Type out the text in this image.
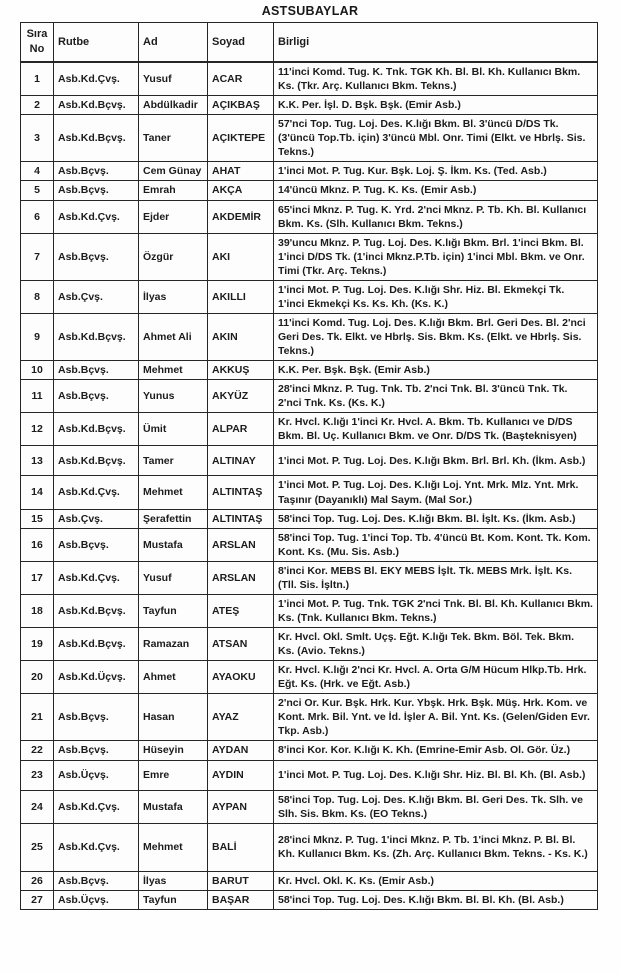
ASTSUBAYLAR
Sıra No	Rutbe	Ad	Soyad	Birligi
1	Asb.Kd.Çvş.	Yusuf	ACAR	11'inci Komd. Tug. K. Tnk. TGK Kh. Bl. Bl. Kh. Kullanıcı Bkm. Ks. (Tkr. Arç. Kullanıcı Bkm. Tekns.)
2	Asb.Kd.Bçvş.	Abdülkadir	AÇIKBAŞ	K.K. Per. İşl. D. Bşk. Bşk. (Emir Asb.)
3	Asb.Kd.Bçvş.	Taner	AÇIKTEPE	57'nci Top. Tug. Loj. Des. K.lığı Bkm. Bl. 3'üncü D/DS Tk. (3'üncü Top.Tb. için) 3'üncü Mbl. Onr. Timi (Elkt. ve Hbrlş. Sis. Tekns.)
4	Asb.Bçvş.	Cem Günay	AHAT	1'inci Mot. P. Tug. Kur. Bşk. Loj. Ş. İkm. Ks. (Ted. Asb.)
5	Asb.Bçvş.	Emrah	AKÇA	14'üncü Mknz. P. Tug. K. Ks. (Emir Asb.)
6	Asb.Kd.Çvş.	Ejder	AKDEMİR	65'inci Mknz. P. Tug. K. Yrd. 2'nci Mknz. P. Tb. Kh. Bl. Kullanıcı Bkm. Ks. (Slh. Kullanıcı Bkm. Tekns.)
7	Asb.Bçvş.	Özgür	AKI	39'uncu Mknz. P. Tug. Loj. Des. K.lığı Bkm. Brl. 1'inci Bkm. Bl. 1'inci D/DS Tk. (1'inci Mknz.P.Tb. için) 1'inci Mbl. Bkm. ve Onr. Timi (Tkr. Arç. Tekns.)
8	Asb.Çvş.	İlyas	AKILLI	1'inci Mot. P. Tug. Loj. Des. K.lığı Shr. Hiz. Bl. Ekmekçi Tk. 1'inci Ekmekçi Ks. Ks. Kh. (Ks. K.)
9	Asb.Kd.Bçvş.	Ahmet Ali	AKIN	11'inci Komd. Tug. Loj. Des. K.lığı Bkm. Brl. Geri Des. Bl. 2'nci Geri Des. Tk. Elkt. ve Hbrlş. Sis. Bkm. Ks. (Elkt. ve Hbrlş. Sis. Tekns.)
10	Asb.Bçvş.	Mehmet	AKKUŞ	K.K. Per. Bşk. Bşk. (Emir Asb.)
11	Asb.Bçvş.	Yunus	AKYÜZ	28'inci Mknz. P. Tug. Tnk. Tb. 2'nci Tnk. Bl. 3'üncü Tnk. Tk. 2'nci Tnk. Ks. (Ks. K.)
12	Asb.Kd.Bçvş.	Ümit	ALPAR	Kr. Hvcl. K.lığı 1'inci Kr. Hvcl. A. Bkm. Tb. Kullanıcı ve D/DS Bkm. Bl. Uç. Kullanıcı Bkm. ve Onr. D/DS Tk. (Başteknisyen)
13	Asb.Kd.Bçvş.	Tamer	ALTINAY	1'inci Mot. P. Tug. Loj. Des. K.lığı Bkm. Brl. Brl. Kh. (İkm. Asb.)
14	Asb.Kd.Çvş.	Mehmet	ALTINTAŞ	1'inci Mot. P. Tug. Loj. Des. K.lığı Loj. Ynt. Mrk. Mlz. Ynt. Mrk. Taşınır (Dayanıklı) Mal Saym. (Mal Sor.)
15	Asb.Çvş.	Şerafettin	ALTINTAŞ	58'inci Top. Tug. Loj. Des. K.lığı Bkm. Bl. İşlt. Ks. (İkm. Asb.)
16	Asb.Bçvş.	Mustafa	ARSLAN	58'inci Top. Tug. 1'inci Top. Tb. 4'üncü Bt. Kom. Kont. Tk. Kom. Kont. Ks. (Mu. Sis. Asb.)
17	Asb.Kd.Çvş.	Yusuf	ARSLAN	8'inci Kor. MEBS Bl. EKY MEBS İşlt. Tk. MEBS Mrk. İşlt. Ks. (Tll. Sis. İşltn.)
18	Asb.Kd.Bçvş.	Tayfun	ATEŞ	1'inci Mot. P. Tug. Tnk. TGK 2'nci Tnk. Bl. Bl. Kh. Kullanıcı Bkm. Ks. (Tnk. Kullanıcı Bkm. Tekns.)
19	Asb.Kd.Bçvş.	Ramazan	ATSAN	Kr. Hvcl. Okl. Smlt. Uçş. Eğt. K.lığı Tek. Bkm. Böl. Tek. Bkm. Ks. (Avio. Tekns.)
20	Asb.Kd.Üçvş.	Ahmet	AYAOKU	Kr. Hvcl. K.lığı 2'nci Kr. Hvcl. A. Orta G/M Hücum Hlkp.Tb. Hrk. Eğt. Ks. (Hrk. ve Eğt. Asb.)
21	Asb.Bçvş.	Hasan	AYAZ	2'nci Or. Kur. Bşk. Hrk. Kur. Ybşk. Hrk. Bşk. Müş. Hrk. Kom. ve Kont. Mrk. Bil. Ynt. ve İd. İşler A. Bil. Ynt. Ks. (Gelen/Giden Evr. Tkp. Asb.)
22	Asb.Bçvş.	Hüseyin	AYDAN	8'inci Kor. Kor. K.lığı K. Kh. (Emrine-Emir Asb. Ol. Gör. Üz.)
23	Asb.Üçvş.	Emre	AYDIN	1'inci Mot. P. Tug. Loj. Des. K.lığı Shr. Hiz. Bl. Bl. Kh. (Bl. Asb.)
24	Asb.Kd.Çvş.	Mustafa	AYPAN	58'inci Top. Tug. Loj. Des. K.lığı Bkm. Bl. Geri Des. Tk. Slh. ve Slh. Sis. Bkm. Ks. (EO Tekns.)
25	Asb.Kd.Çvş.	Mehmet	BALİ	28'inci Mknz. P. Tug. 1'inci Mknz. P. Tb. 1'inci Mknz. P. Bl. Bl. Kh. Kullanıcı Bkm. Ks. (Zh. Arç. Kullanıcı Bkm. Tekns. - Ks. K.)
26	Asb.Bçvş.	İlyas	BARUT	Kr. Hvcl. Okl. K. Ks. (Emir Asb.)
27	Asb.Üçvş.	Tayfun	BAŞAR	58'inci Top. Tug. Loj. Des. K.lığı Bkm. Bl. Bl. Kh. (Bl. Asb.)
